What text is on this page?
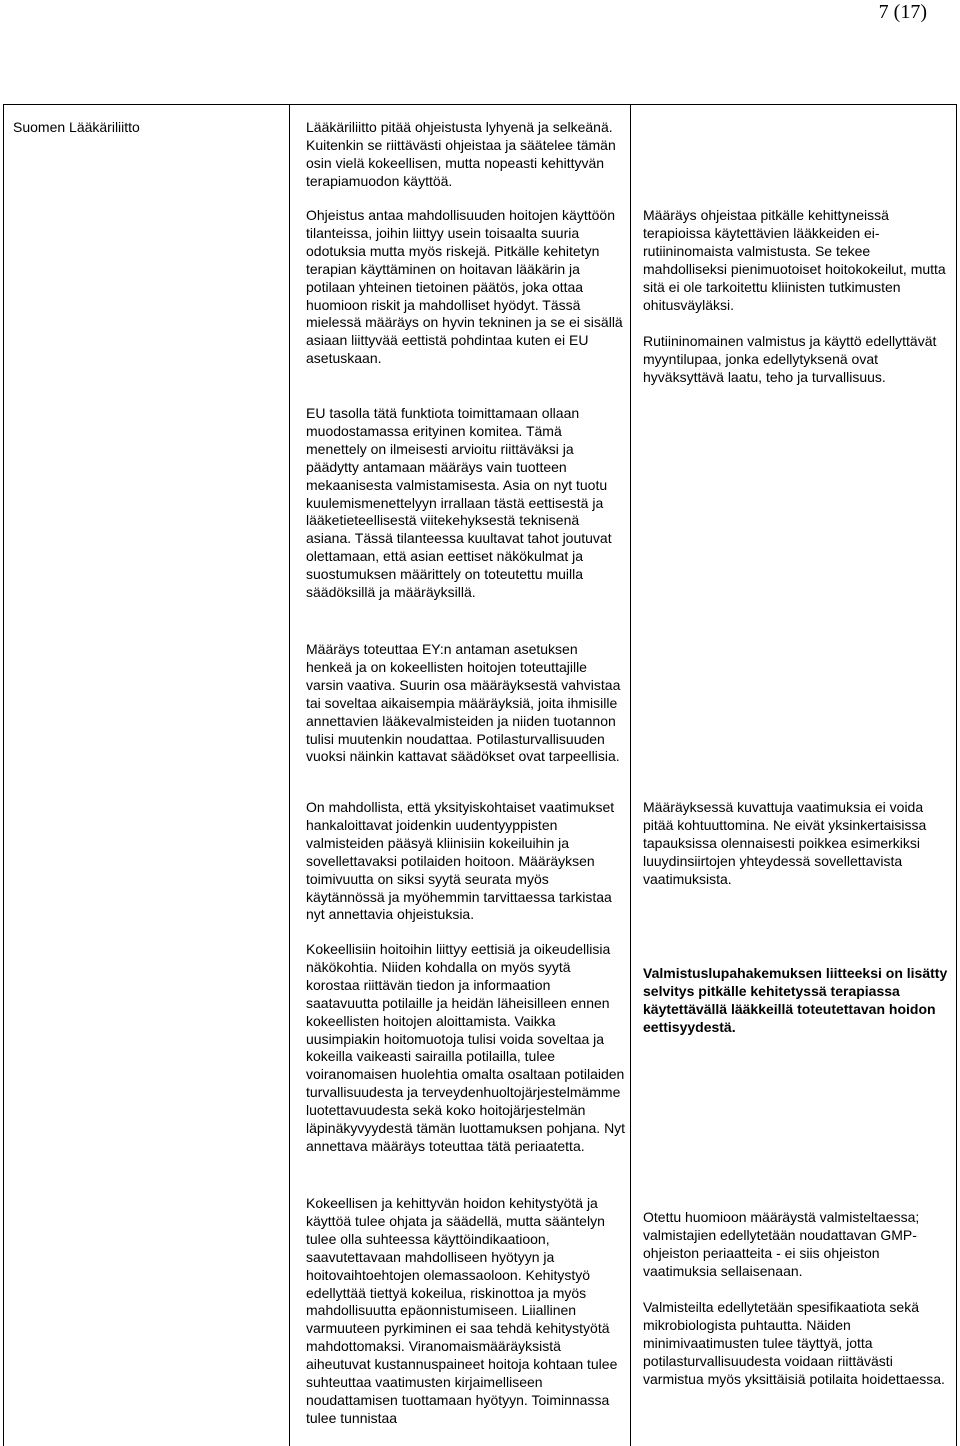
7 (17)

Suomen Lääkäriliitto	Lääkäriliitto pitää ohjeistusta lyhyenä ja selkeänä. Kuitenkin se riittävästi ohjeistaa ja säätelee tämän osin vielä kokeellisen, mutta nopeasti kehittyvän terapiamuodon käyttöä.

Ohjeistus antaa mahdollisuuden hoitojen käyttöön tilanteissa, joihin liittyy usein toisaalta suuria odotuksia mutta myös riskejä. Pitkälle kehitetyn terapian käyttäminen on hoitavan lääkärin ja potilaan yhteinen tietoinen päätös, joka ottaa huomioon riskit ja mahdolliset hyödyt. Tässä mielessä määräys on hyvin tekninen ja se ei sisällä asiaan liittyvää eettistä pohdintaa kuten ei EU asetuskaan.

EU tasolla tätä funktiota toimittamaan ollaan muodostamassa erityinen komitea. Tämä menettely on ilmeisesti arvioitu riittäväksi ja päädytty antamaan määräys vain tuotteen mekaanisesta valmistamisesta. Asia on nyt tuotu kuulemismenettelyyn irrallaan tästä eettisestä ja lääketieteellisestä viitekehyksestä teknisenä asiana. Tässä tilanteessa kuultavat tahot joutuvat olettamaan, että asian eettiset näkökulmat ja suostumuksen määrittely on toteutettu muilla säädöksillä ja määräyksillä.

Määräys toteuttaa EY:n antaman asetuksen henkeä ja on kokeellisten hoitojen toteuttajille varsin vaativa. Suurin osa määräyksestä vahvistaa tai soveltaa aikaisempia määräyksiä, joita ihmisille annettavien lääkevalmisteiden ja niiden tuotannon tulisi muutenkin noudattaa. Potilasturvallisuuden vuoksi näinkin kattavat säädökset ovat tarpeellisia.

On mahdollista, että yksityiskohtaiset vaatimukset hankaloittavat joidenkin uudentyyppisten valmisteiden pääsyä kliinisiin kokeiluihin ja sovellettavaksi potilaiden hoitoon. Määräyksen toimivuutta on siksi syytä seurata myös käytännössä ja myöhemmin tarvittaessa tarkistaa nyt annettavia ohjeistuksia.

Kokeellisiin hoitoihin liittyy eettisiä ja oikeudellisia näkökohtia. Niiden kohdalla on myös syytä korostaa riittävän tiedon ja informaation saatavuutta potilaille ja heidän läheisilleen ennen kokeellisten hoitojen aloittamista. Vaikka uusimpiakin hoitomuotoja tulisi voida soveltaa ja kokeilla vaikeasti sairailla potilailla, tulee voiranomaisen huolehtia omalta osaltaan potilaiden turvallisuudesta ja terveydenhuoltojärjestelmämme luotettavuudesta sekä koko hoitojärjestelmän läpinäkyvyydestä tämän luottamuksen pohjana. Nyt annettava määräys toteuttaa tätä periaatetta.

Kokeellisen ja kehittyvän hoidon kehitystyötä ja käyttöä tulee ohjata ja säädellä, mutta sääntelyn tulee olla suhteessa käyttöindikaatioon, saavutettavaan mahdolliseen hyötyyn ja hoitovaihtoehtojen olemassaoloon. Kehitystyö edellyttää tiettyä kokeilua, riskinottoa ja myös mahdollisuutta epäonnistumiseen. Liiallinen varmuuteen pyrkiminen ei saa tehdä kehitystyötä mahdottomaksi. Viranomaismääräyksistä aiheutuvat kustannuspaineet hoitoja kohtaan tulee suhteuttaa vaatimusten kirjaimelliseen noudattamisen tuottamaan hyötyyn. Toiminnassa tulee tunnistaa

Määräys ohjeistaa pitkälle kehittyneissä terapioissa käytettävien lääkkeiden ei-rutiininomaista valmistusta. Se tekee mahdolliseksi pienimuotoiset hoitokokeilut, mutta sitä ei ole tarkoitettu kliinisten tutkimusten ohitusväyläksi.

Rutiininomainen valmistus ja käyttö edellyttävät myyntilupaa, jonka edellytyksenä ovat hyväksyttävä laatu, teho ja turvallisuus.

Määräyksessä kuvattuja vaatimuksia ei voida pitää kohtuuttomina. Ne eivät yksinkertaisissa tapauksissa olennaisesti poikkea esimerkiksi luuydinsiirtojen yhteydessä sovellettavista vaatimuksista.

Valmistuslupahakemuksen liitteeksi on lisätty selvitys pitkälle kehitetyssä terapiassa käytettävällä lääkkeillä toteutettavan hoidon eettisyydestä.

Otettu huomioon määräystä valmisteltaessa; valmistajien edellytetään noudattavan GMP-ohjeiston periaatteita - ei siis ohjeiston vaatimuksia sellaisenaan.

Valmisteilta edellytetään spesifikaatiota sekä mikrobiologista puhtautta. Näiden minimivaatimusten tulee täyttyä, jotta potilasturvallisuudesta voidaan riittävästi varmistua myös yksittäisiä potilaita hoidettaessa.
